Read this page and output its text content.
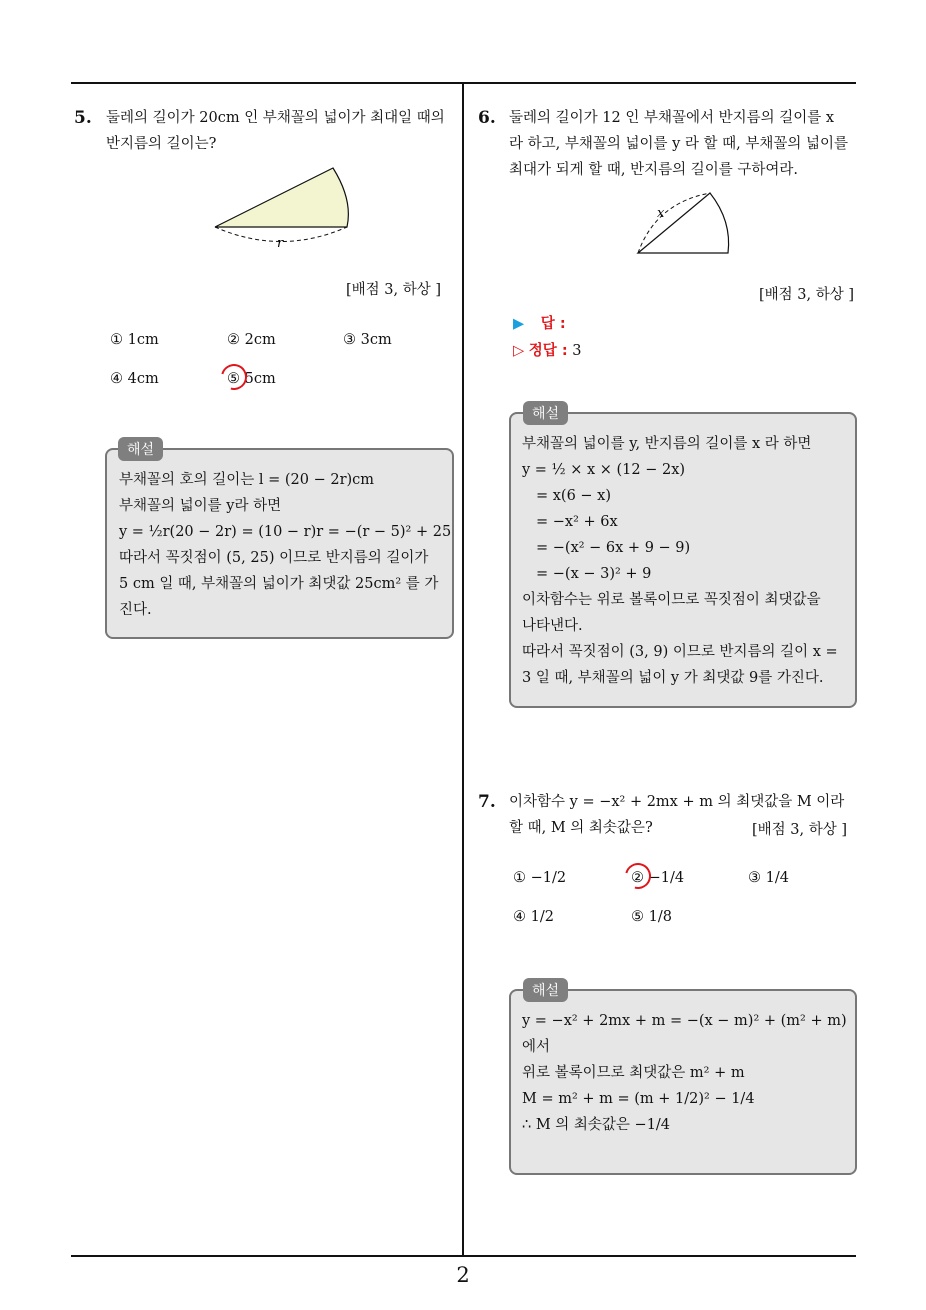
5. 둘레의 길이가 20cm 인 부채꼴의 넓이가 최대일 때의
반지름의 길이는?
r
[배점 3, 하상 ]
① 1cm	② 2cm	③ 3cm
④ 4cm	⑤ 5cm
해설
부채꼴의 호의 길이는 l = (20 − 2r)cm
부채꼴의 넓이를 y라 하면
y = ½r(20 − 2r) = (10 − r)r = −(r − 5)² + 25
따라서 꼭짓점이 (5, 25) 이므로 반지름의 길이가
5 cm 일 때, 부채꼴의 넓이가 최댓값 25cm² 를 가
진다.
6. 둘레의 길이가 12 인 부채꼴에서 반지름의 길이를 x
라 하고, 부채꼴의 넓이를 y 라 할 때, 부채꼴의 넓이를
최대가 되게 할 때, 반지름의 길이를 구하여라.
x
[배점 3, 하상 ]
▶ 답 :
▷ 정답 : 3
해설
부채꼴의 넓이를 y, 반지름의 길이를 x 라 하면
y = ½ × x × (12 − 2x)
= x(6 − x)
= −x² + 6x
= −(x² − 6x + 9 − 9)
= −(x − 3)² + 9
이차함수는 위로 볼록이므로 꼭짓점이 최댓값을
나타낸다.
따라서 꼭짓점이 (3, 9) 이므로 반지름의 길이 x =
3 일 때, 부채꼴의 넓이 y 가 최댓값 9를 가진다.
7. 이차함수 y = −x² + 2mx + m 의 최댓값을 M 이라
할 때, M 의 최솟값은?	[배점 3, 하상 ]
① −1/2	② −1/4	③ 1/4
④ 1/2	⑤ 1/8
해설
y = −x² + 2mx + m = −(x − m)² + (m² + m)
에서
위로 볼록이므로 최댓값은 m² + m
M = m² + m = (m + 1/2)² − 1/4
∴ M 의 최솟값은 −1/4
2
